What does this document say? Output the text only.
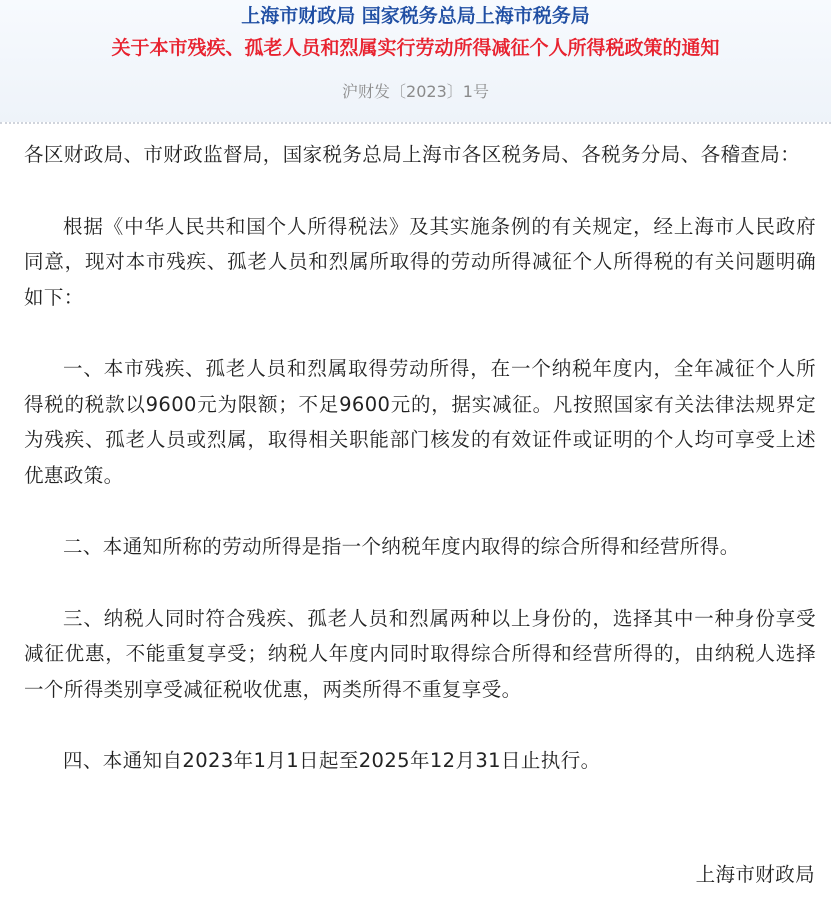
上海市财政局 国家税务总局上海市税务局
关于本市残疾、孤老人员和烈属实行劳动所得减征个人所得税政策的通知
沪财发〔2023〕1号

各区财政局、市财政监督局，国家税务总局上海市各区税务局、各税务分局、各稽查局：

根据《中华人民共和国个人所得税法》及其实施条例的有关规定，经上海市人民政府同意，现对本市残疾、孤老人员和烈属所取得的劳动所得减征个人所得税的有关问题明确如下：

一、本市残疾、孤老人员和烈属取得劳动所得，在一个纳税年度内，全年减征个人所得税的税款以9600元为限额；不足9600元的，据实减征。凡按照国家有关法律法规界定为残疾、孤老人员或烈属，取得相关职能部门核发的有效证件或证明的个人均可享受上述优惠政策。

二、本通知所称的劳动所得是指一个纳税年度内取得的综合所得和经营所得。

三、纳税人同时符合残疾、孤老人员和烈属两种以上身份的，选择其中一种身份享受减征优惠，不能重复享受；纳税人年度内同时取得综合所得和经营所得的，由纳税人选择一个所得类别享受减征税收优惠，两类所得不重复享受。

四、本通知自2023年1月1日起至2025年12月31日止执行。

上海市财政局
